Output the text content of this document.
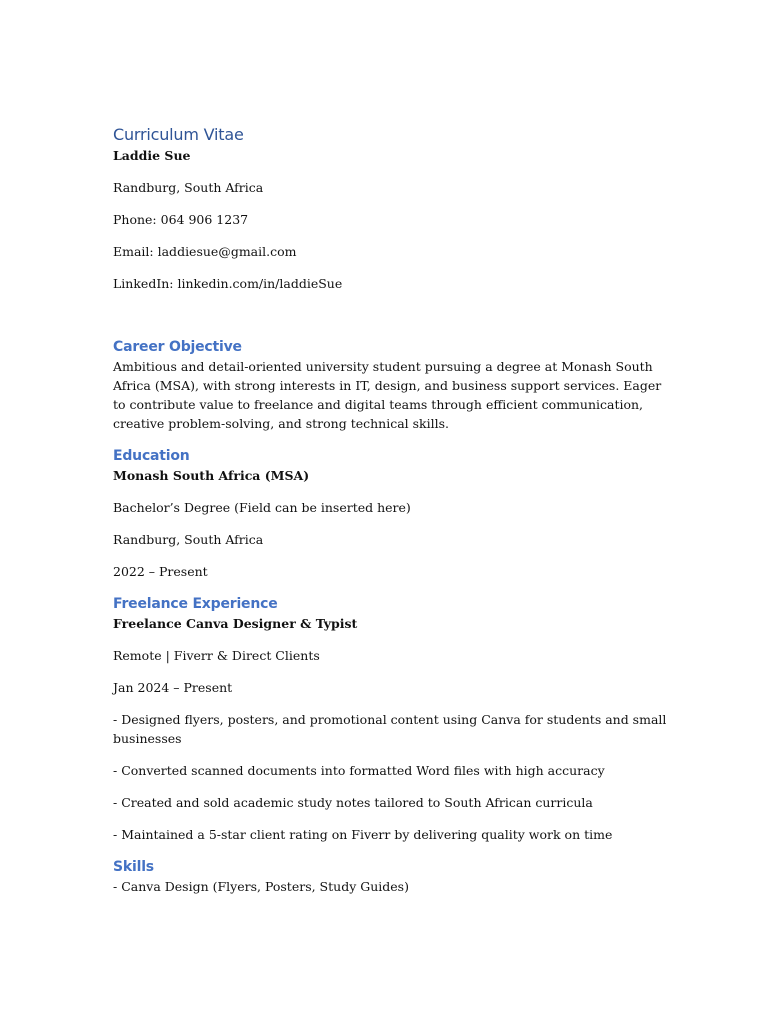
Curriculum Vitae

Laddie Sue

Randburg, South Africa

Phone: 064 906 1237

Email: laddiesue@gmail.com

LinkedIn: linkedin.com/in/laddieSue

Career Objective

Ambitious and detail-oriented university student pursuing a degree at Monash South Africa (MSA), with strong interests in IT, design, and business support services. Eager to contribute value to freelance and digital teams through efficient communication, creative problem-solving, and strong technical skills.

Education

Monash South Africa (MSA)

Bachelor’s Degree (Field can be inserted here)

Randburg, South Africa

2022 – Present

Freelance Experience

Freelance Canva Designer & Typist

Remote | Fiverr & Direct Clients

Jan 2024 – Present

- Designed flyers, posters, and promotional content using Canva for students and small businesses

- Converted scanned documents into formatted Word files with high accuracy

- Created and sold academic study notes tailored to South African curricula

- Maintained a 5-star client rating on Fiverr by delivering quality work on time

Skills

- Canva Design (Flyers, Posters, Study Guides)
